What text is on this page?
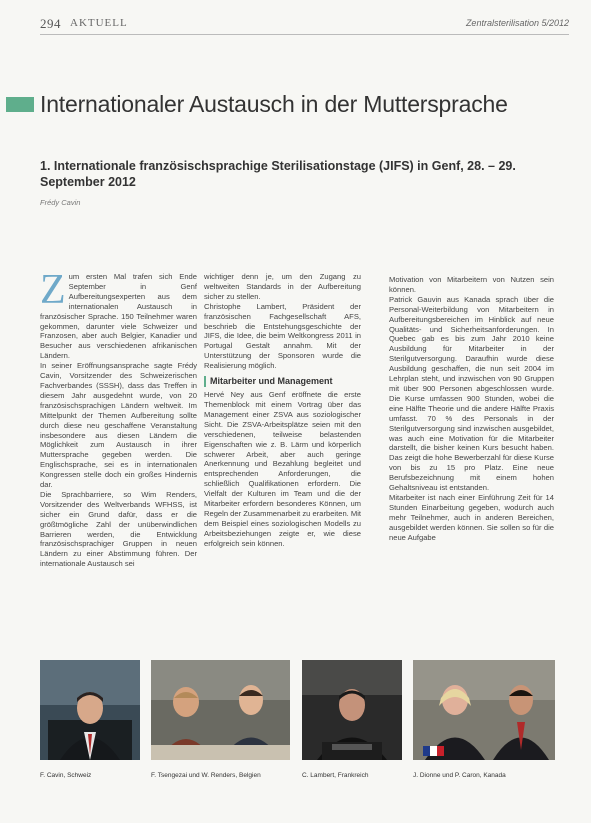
294 AKTUELL	Zentralsterilisation 5/2012
Internationaler Austausch in der Muttersprache
1. Internationale französischsprachige Sterilisationstage (JIFS) in Genf, 28. – 29. September 2012
Frédy Cavin
Z um ersten Mal trafen sich Ende September in Genf Aufbereitungsexperten aus dem internationalen Austausch in französischer Sprache. 150 Teilnehmer waren gekommen, darunter viele Schweizer und Franzosen, aber auch Belgier, Kanadier und Besucher aus verschiedenen afrikanischen Ländern.

In seiner Eröffnungsansprache sagte Frédy Cavin, Vorsitzender des Schweizerischen Fachverbandes (SSSH), dass das Treffen in diesem Jahr ausgedehnt wurde, von 20 französischsprachigen Ländern weltweit. Im Mittelpunkt der Themen Aufbereitung sollte durch diese neu geschaffene Veranstaltung insbesondere aus diesen Ländern die Möglichkeit zum Austausch in ihrer Muttersprache gegeben werden. Die Englischsprache, sei es in internationalen Kongressen stelle doch ein großes Hindernis dar.

Die Sprachbarriere, so Wim Renders, Vorsitzender des Weltverbands WFHSS, ist sicher ein Grund dafür, dass er die größtmögliche Zahl der unüberwindlichen Barrieren werden, die Entwicklung französischsprachiger Gruppen in neuen Ländern zu einer Abstimmung führen. Der internationale Austausch sei

wichtiger denn je, um den Zugang zu weltweiten Standards in der Aufbereitung sicher zu stellen.

Christophe Lambert, Präsident der französischen Fachgesellschaft AFS, beschrieb die Entstehungsgeschichte der JIFS, die Idee, die beim Weltkongress 2011 in Portugal Gestalt annahm. Mit der Unterstützung der Sponsoren wurde die Realisierung möglich.

Mitarbeiter und Management

Hervé Ney aus Genf eröffnete die erste Themenblock mit einem Vortrag über das Management einer ZSVA aus soziologischer Sicht. Die ZSVA-Arbeitsplätze seien mit den verschiedenen, teilweise belastenden Eigenschaften wie z. B. Lärm und körperlich schwerer Arbeit, aber auch geringe Anerkennung und Bezahlung begleitet und entsprechenden Anforderungen, die schließlich Qualifikationen erfordern. Die Vielfalt der Kulturen im Team und die der Mitarbeiter erfordern besonderes Können, um Regeln der Zusammenarbeit zu erarbeiten. Mit dem Beispiel eines soziologischen Modells zu Arbeitsbeziehungen zeigte er, wie diese erfolgreich sein können.

Motivation von Mitarbeitern von Nutzen sein können.

Patrick Gauvin aus Kanada sprach über die Personal-Weiterbildung von Mitarbeitern in Aufbereitungsbereichen im Hinblick auf neue Qualitäts- und Sicherheitsanforderungen. In Quebec gab es bis zum Jahr 2010 keine Ausbildung für Mitarbeiter in der Sterilgutversorgung. Daraufhin wurde diese Ausbildung geschaffen, die nun seit 2004 im Lehrplan steht, und inzwischen von 90 Gruppen mit über 900 Personen abgeschlossen wurde. Die Kurse umfassen 900 Stunden, wobei die eine Hälfte Theorie und die andere Hälfte Praxis umfasst. 70 % des Personals in der Sterilgutversorgung sind inzwischen ausgebildet, was auch eine Motivation für die Mitarbeiter darstellt, die bisher keinen Kurs besucht haben. Das zeigt die hohe Bewerberzahl für diese Kurse von bis zu 15 pro Platz. Eine neue Berufsbezeichnung mit einem hohen Gehaltsniveau ist entstanden.

Mitarbeiter ist nach einer Einführung Zeit für 14 Stunden Einarbeitung gegeben, wodurch auch mehr Teilnehmer, auch in anderen Bereichen, ausgebildet werden können. Sie sollen so für die neue Aufgabe

F. Cavin, Schweiz	F. Tsengezai und W. Renders, Belgien	C. Lambert, Frankreich	J. Dionne und P. Caron, Kanada
